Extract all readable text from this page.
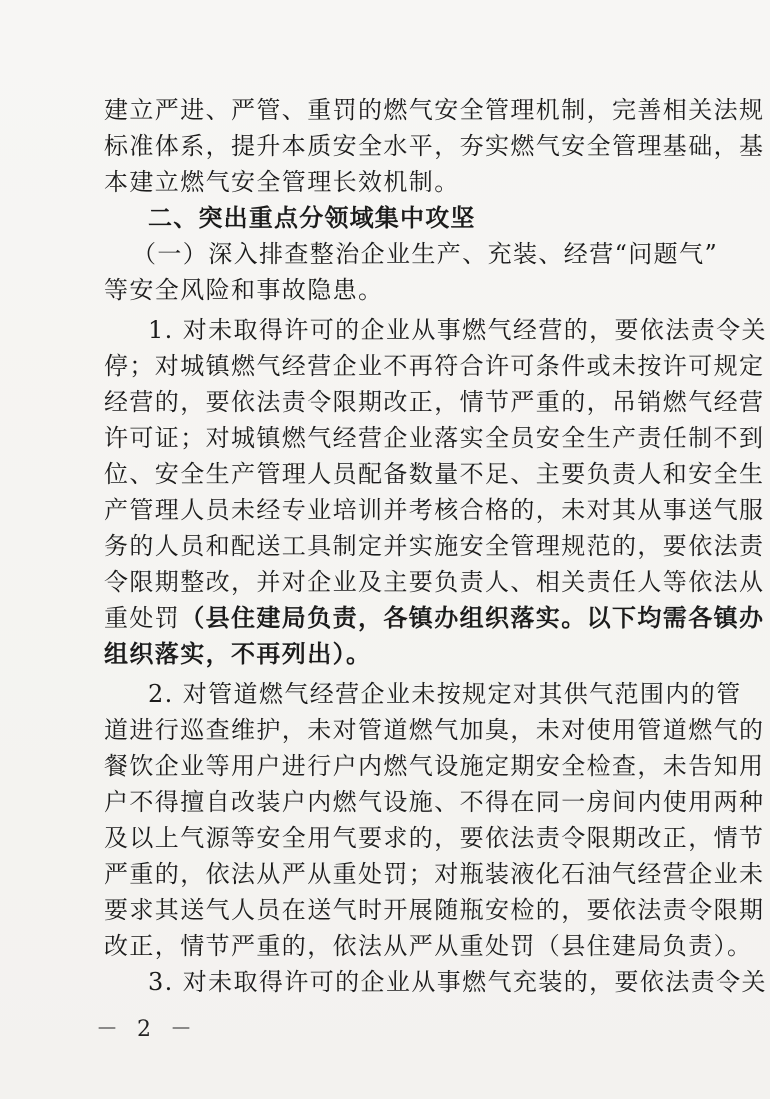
建立严进、严管、重罚的燃气安全管理机制，完善相关法规
标准体系，提升本质安全水平，夯实燃气安全管理基础，基
本建立燃气安全管理长效机制。
二、突出重点分领域集中攻坚
（一）深入排查整治企业生产、充装、经营“问题气”
等安全风险和事故隐患。
1. 对未取得许可的企业从事燃气经营的，要依法责令关
停；对城镇燃气经营企业不再符合许可条件或未按许可规定
经营的，要依法责令限期改正，情节严重的，吊销燃气经营
许可证；对城镇燃气经营企业落实全员安全生产责任制不到
位、安全生产管理人员配备数量不足、主要负责人和安全生
产管理人员未经专业培训并考核合格的，未对其从事送气服
务的人员和配送工具制定并实施安全管理规范的，要依法责
令限期整改，并对企业及主要负责人、相关责任人等依法从
重处罚（县住建局负责，各镇办组织落实。以下均需各镇办
组织落实，不再列出）。
2. 对管道燃气经营企业未按规定对其供气范围内的管
道进行巡查维护，未对管道燃气加臭，未对使用管道燃气的
餐饮企业等用户进行户内燃气设施定期安全检查，未告知用
户不得擅自改装户内燃气设施、不得在同一房间内使用两种
及以上气源等安全用气要求的，要依法责令限期改正，情节
严重的，依法从严从重处罚；对瓶装液化石油气经营企业未
要求其送气人员在送气时开展随瓶安检的，要依法责令限期
改正，情节严重的，依法从严从重处罚（县住建局负责）。
3. 对未取得许可的企业从事燃气充装的，要依法责令关
－ 2 －
